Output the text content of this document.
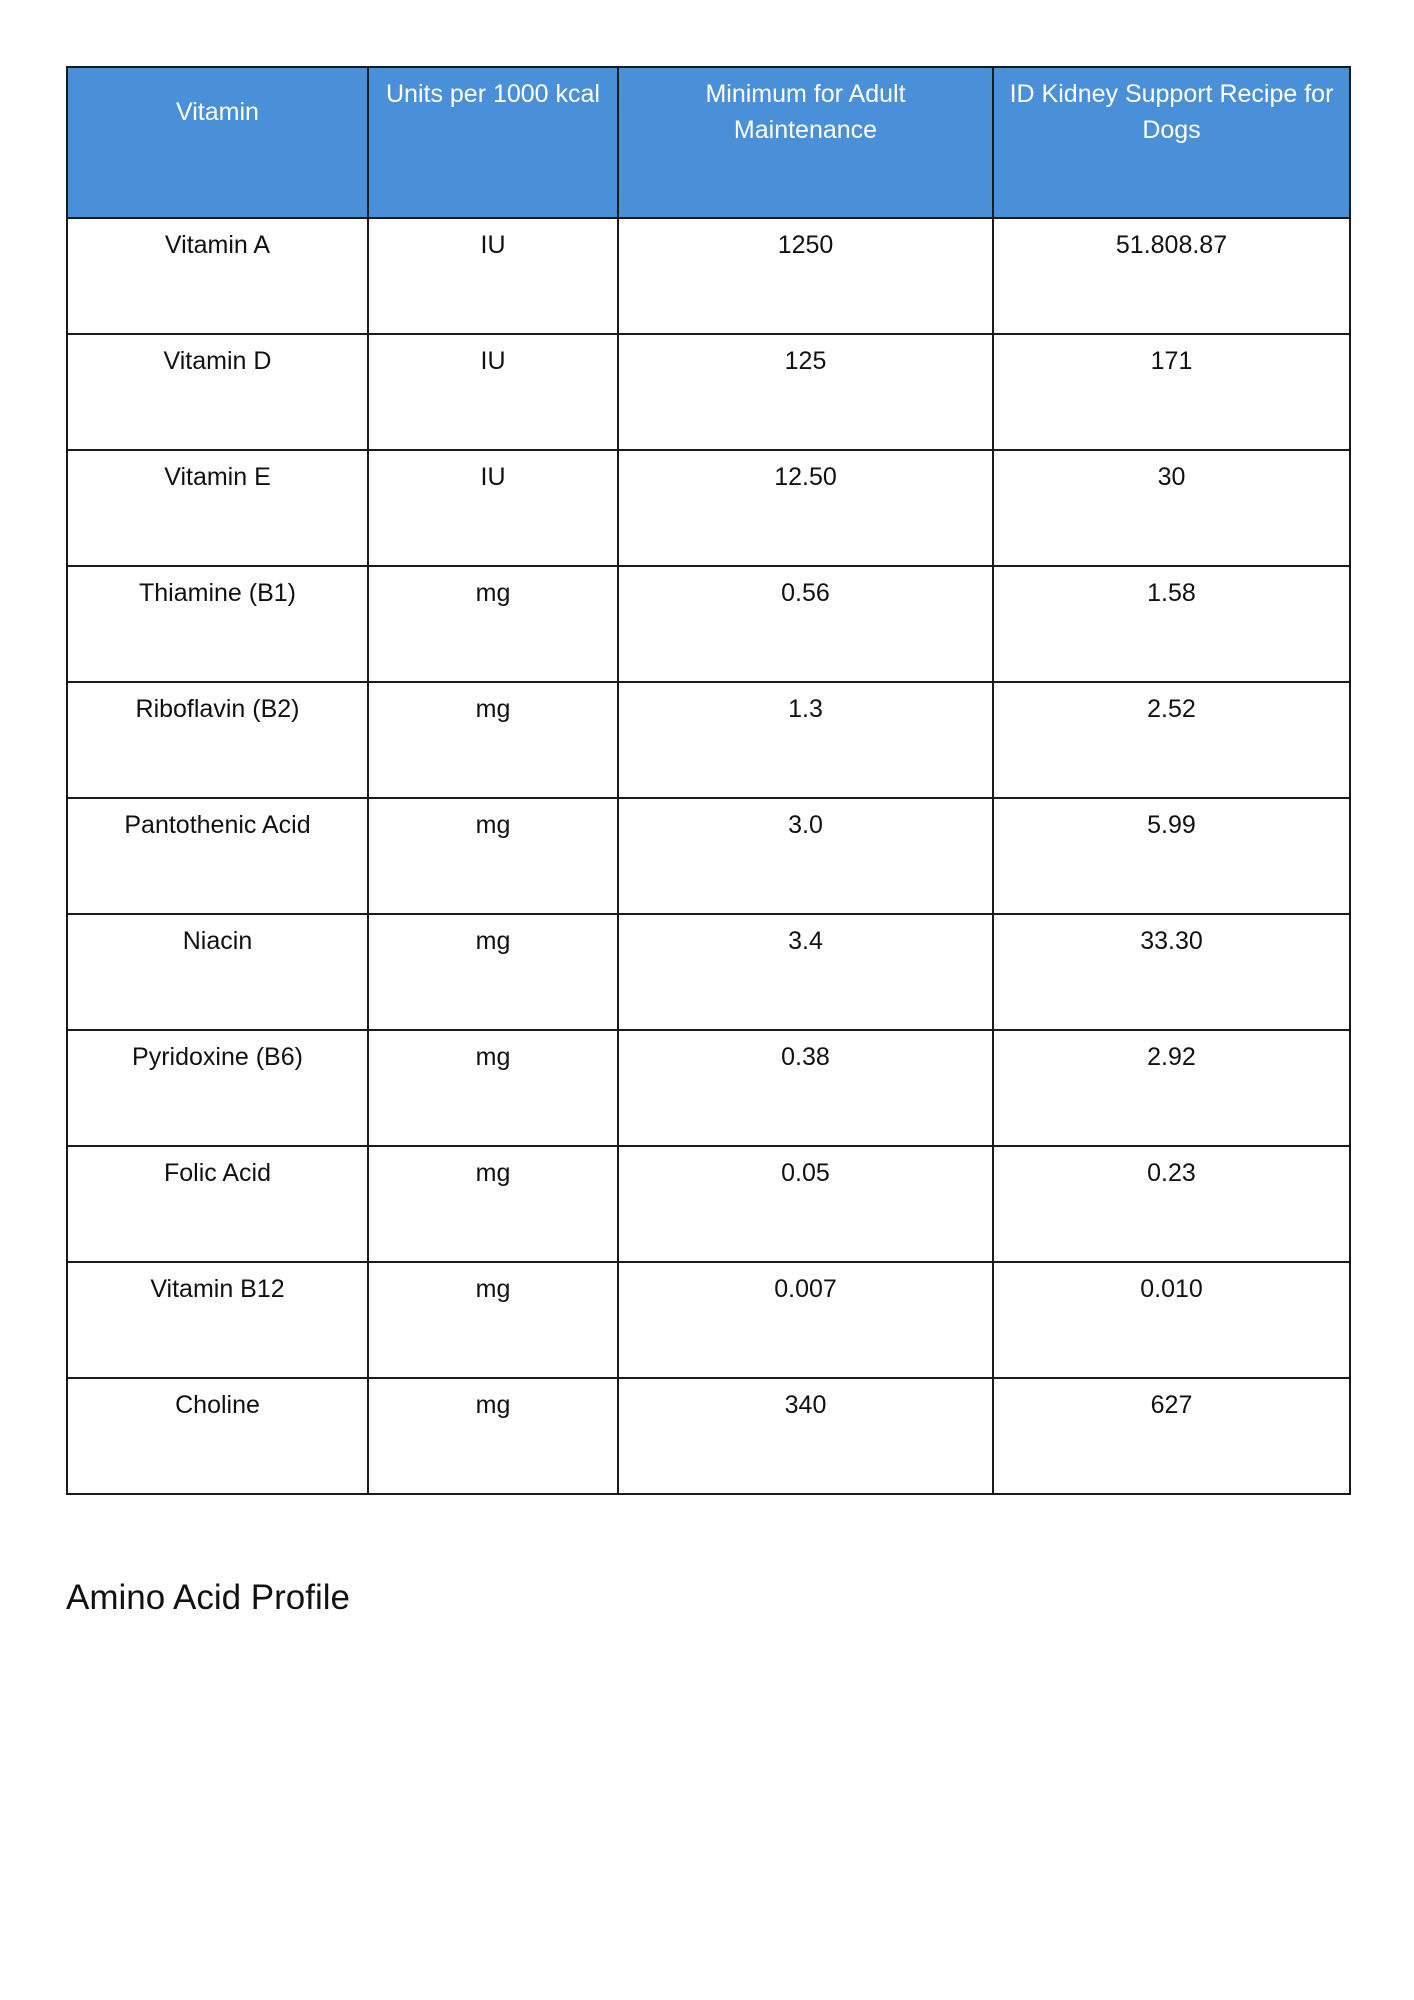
Vitamin	Units per 1000 kcal	Minimum for Adult Maintenance	ID Kidney Support Recipe for Dogs
Vitamin A	IU	1250	51.808.87
Vitamin D	IU	125	171
Vitamin E	IU	12.50	30
Thiamine (B1)	mg	0.56	1.58
Riboflavin (B2)	mg	1.3	2.52
Pantothenic Acid	mg	3.0	5.99
Niacin	mg	3.4	33.30
Pyridoxine (B6)	mg	0.38	2.92
Folic Acid	mg	0.05	0.23
Vitamin B12	mg	0.007	0.010
Choline	mg	340	627
Amino Acid Profile
